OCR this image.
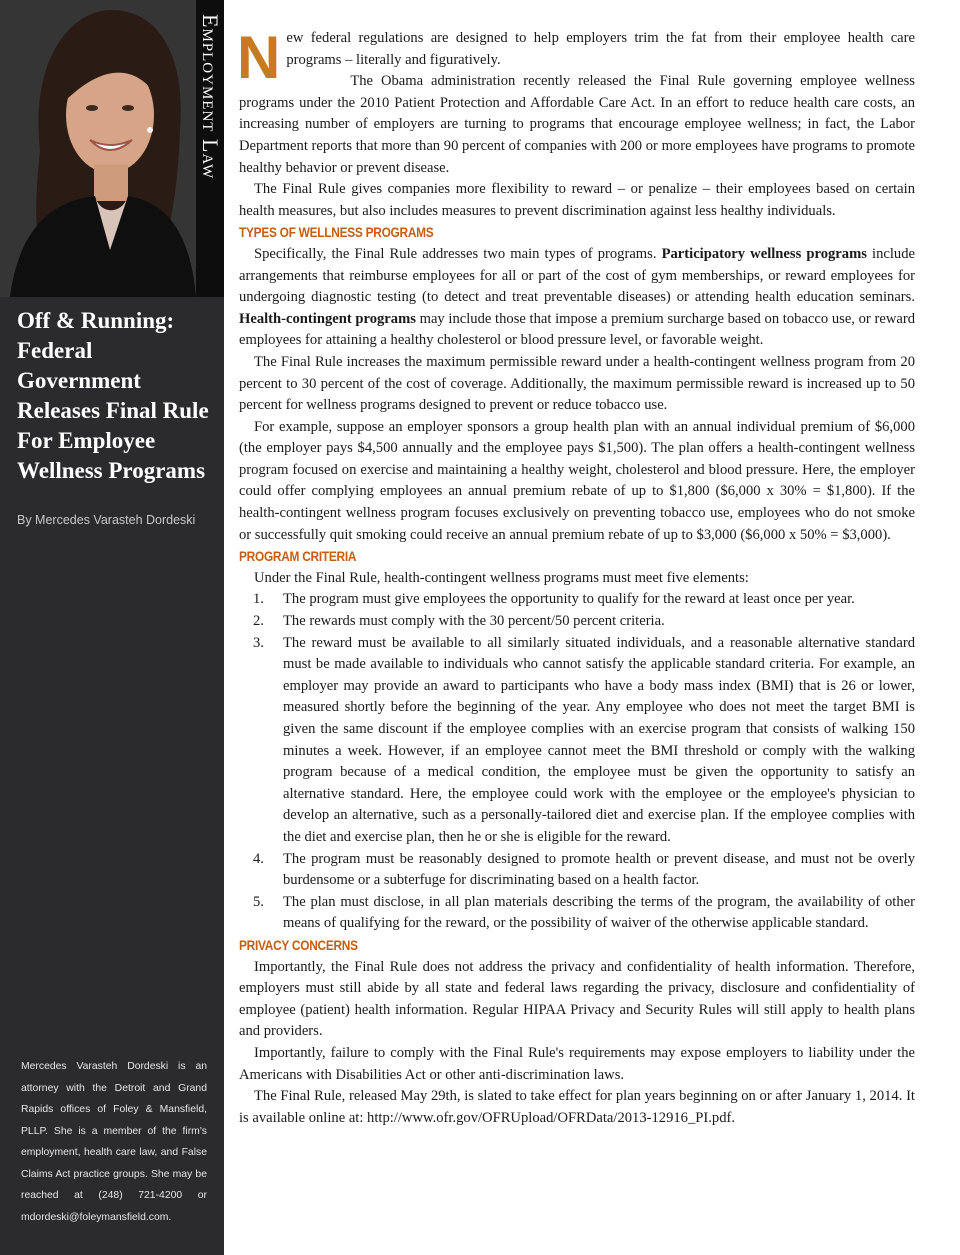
Employment Law
Off & Running: Federal Government Releases Final Rule For Employee Wellness Programs
By Mercedes Varasteh Dordeski

Mercedes Varasteh Dordeski is an attorney with the Detroit and Grand Rapids offices of Foley & Mansfield, PLLP. She is a member of the firm's employment, health care law, and False Claims Act practice groups. She may be reached at (248) 721-4200 or mdordeski@foleymansfield.com.

New federal regulations are designed to help employers trim the fat from their employee health care programs – literally and figuratively.

The Obama administration recently released the Final Rule governing employee wellness programs under the 2010 Patient Protection and Affordable Care Act. In an effort to reduce health care costs, an increasing number of employers are turning to programs that encourage employee wellness; in fact, the Labor Department reports that more than 90 percent of companies with 200 or more employees have programs to promote healthy behavior or prevent disease.

The Final Rule gives companies more flexibility to reward – or penalize – their employees based on certain health measures, but also includes measures to prevent discrimination against less healthy individuals.

TYPES OF WELLNESS PROGRAMS

Specifically, the Final Rule addresses two main types of programs. Participatory wellness programs include arrangements that reimburse employees for all or part of the cost of gym memberships, or reward employees for undergoing diagnostic testing (to detect and treat preventable diseases) or attending health education seminars. Health-contingent programs may include those that impose a premium surcharge based on tobacco use, or reward employees for attaining a healthy cholesterol or blood pressure level, or favorable weight.

The Final Rule increases the maximum permissible reward under a health-contingent wellness program from 20 percent to 30 percent of the cost of coverage. Additionally, the maximum permissible reward is increased up to 50 percent for wellness programs designed to prevent or reduce tobacco use.

For example, suppose an employer sponsors a group health plan with an annual individual premium of $6,000 (the employer pays $4,500 annually and the employee pays $1,500). The plan offers a health-contingent wellness program focused on exercise and maintaining a healthy weight, cholesterol and blood pressure. Here, the employer could offer complying employees an annual premium rebate of up to $1,800 ($6,000 x 30% = $1,800). If the health-contingent wellness program focuses exclusively on preventing tobacco use, employees who do not smoke or successfully quit smoking could receive an annual premium rebate of up to $3,000 ($6,000 x 50% = $3,000).

PROGRAM CRITERIA

Under the Final Rule, health-contingent wellness programs must meet five elements:

1. The program must give employees the opportunity to qualify for the reward at least once per year.
2. The rewards must comply with the 30 percent/50 percent criteria.
3. The reward must be available to all similarly situated individuals, and a reasonable alternative standard must be made available to individuals who cannot satisfy the applicable standard criteria. For example, an employer may provide an award to participants who have a body mass index (BMI) that is 26 or lower, measured shortly before the beginning of the year. Any employee who does not meet the target BMI is given the same discount if the employee complies with an exercise program that consists of walking 150 minutes a week. However, if an employee cannot meet the BMI threshold or comply with the walking program because of a medical condition, the employee must be given the opportunity to satisfy an alternative standard. Here, the employee could work with the employee or the employee's physician to develop an alternative, such as a personally-tailored diet and exercise plan. If the employee complies with the diet and exercise plan, then he or she is eligible for the reward.
4. The program must be reasonably designed to promote health or prevent disease, and must not be overly burdensome or a subterfuge for discriminating based on a health factor.
5. The plan must disclose, in all plan materials describing the terms of the program, the availability of other means of qualifying for the reward, or the possibility of waiver of the otherwise applicable standard.
PRIVACY CONCERNS

Importantly, the Final Rule does not address the privacy and confidentiality of health information. Therefore, employers must still abide by all state and federal laws regarding the privacy, disclosure and confidentiality of employee (patient) health information. Regular HIPAA Privacy and Security Rules will still apply to health plans and providers.

Importantly, failure to comply with the Final Rule's requirements may expose employers to liability under the Americans with Disabilities Act or other anti-discrimination laws.

The Final Rule, released May 29th, is slated to take effect for plan years beginning on or after January 1, 2014. It is available online at: http://www.ofr.gov/OFRUpload/OFRData/2013-12916_PI.pdf.
